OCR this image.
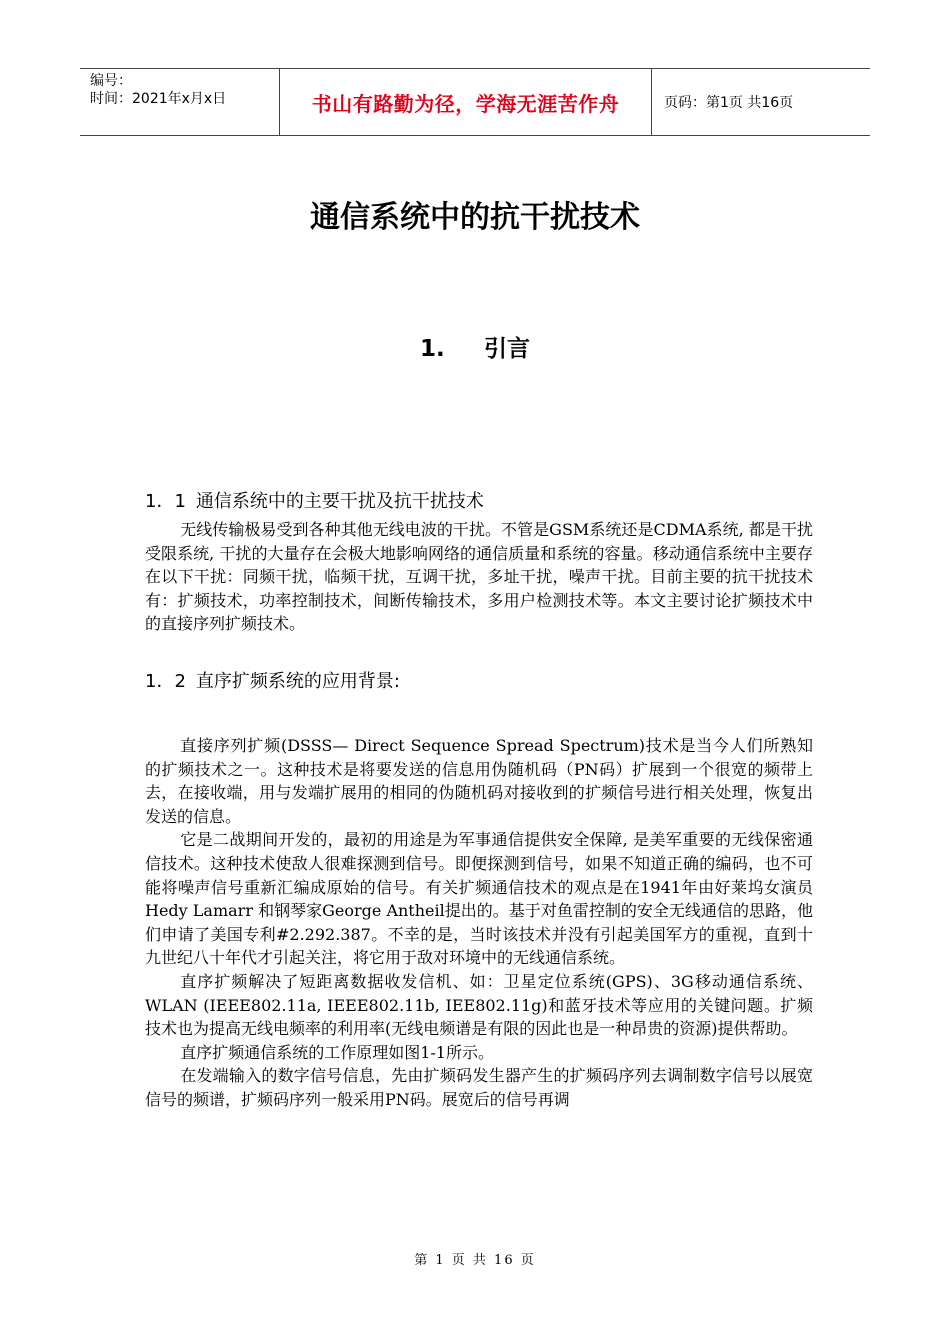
编号：
时间：2021年x月x日	书山有路勤为径，学海无涯苦作舟	页码：第1页 共16页
通信系统中的抗干扰技术
1. 引言
1．1 通信系统中的主要干扰及抗干扰技术

无线传输极易受到各种其他无线电波的干扰。不管是GSM系统还是CDMA系统, 都是干扰受限系统, 干扰的大量存在会极大地影响网络的通信质量和系统的容量。移动通信系统中主要存在以下干扰：同频干扰，临频干扰，互调干扰，多址干扰，噪声干扰。目前主要的抗干扰技术有：扩频技术，功率控制技术，间断传输技术，多用户检测技术等。本文主要讨论扩频技术中的直接序列扩频技术。

1．2 直序扩频系统的应用背景:

直接序列扩频(DSSS— Direct Sequence Spread Spectrum)技术是当今人们所熟知的扩频技术之一。这种技术是将要发送的信息用伪随机码（PN码）扩展到一个很宽的频带上去，在接收端，用与发端扩展用的相同的伪随机码对接收到的扩频信号进行相关处理，恢复出发送的信息。

它是二战期间开发的，最初的用途是为军事通信提供安全保障, 是美军重要的无线保密通信技术。这种技术使敌人很难探测到信号。即便探测到信号，如果不知道正确的编码，也不可能将噪声信号重新汇编成原始的信号。有关扩频通信技术的观点是在1941年由好莱坞女演员Hedy Lamarr 和钢琴家George Antheil提出的。基于对鱼雷控制的安全无线通信的思路，他们申请了美国专利#2.292.387。不幸的是，当时该技术并没有引起美国军方的重视，直到十九世纪八十年代才引起关注，将它用于敌对环境中的无线通信系统。

直序扩频解决了短距离数据收发信机、如：卫星定位系统(GPS)、3G移动通信系统、WLAN (IEEE802.11a, IEEE802.11b, IEE802.11g)和蓝牙技术等应用的关键问题。扩频技术也为提高无线电频率的利用率(无线电频谱是有限的因此也是一种昂贵的资源)提供帮助。

直序扩频通信系统的工作原理如图1-1所示。

在发端输入的数字信号信息，先由扩频码发生器产生的扩频码序列去调制数字信号以展宽信号的频谱，扩频码序列一般采用PN码。展宽后的信号再调

第 1 页 共 16 页
